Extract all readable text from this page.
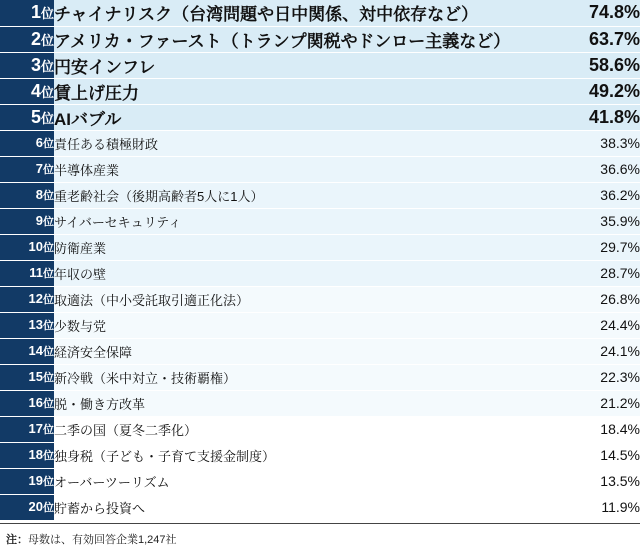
1位	チャイナリスク（台湾問題や日中関係、対中依存など）	74.8%
2位	アメリカ・ファースト（トランプ関税やドンロー主義など）	63.7%
3位	円安インフレ	58.6%
4位	賃上げ圧力	49.2%
5位	AIバブル	41.8%
6位	責任ある積極財政	38.3%
7位	半導体産業	36.6%
8位	重老齢社会（後期高齢者5人に1人）	36.2%
9位	サイバーセキュリティ	35.9%
10位	防衛産業	29.7%
11位	年収の壁	28.7%
12位	取適法（中小受託取引適正化法）	26.8%
13位	少数与党	24.4%
14位	経済安全保障	24.1%
15位	新冷戦（米中対立・技術覇権）	22.3%
16位	脱・働き方改革	21.2%
17位	二季の国（夏冬二季化）	18.4%
18位	独身税（子ども・子育て支援金制度）	14.5%
19位	オーバーツーリズム	13.5%
20位	貯蓄から投資へ	11.9%
注：母数は、有効回答企業1,247社
